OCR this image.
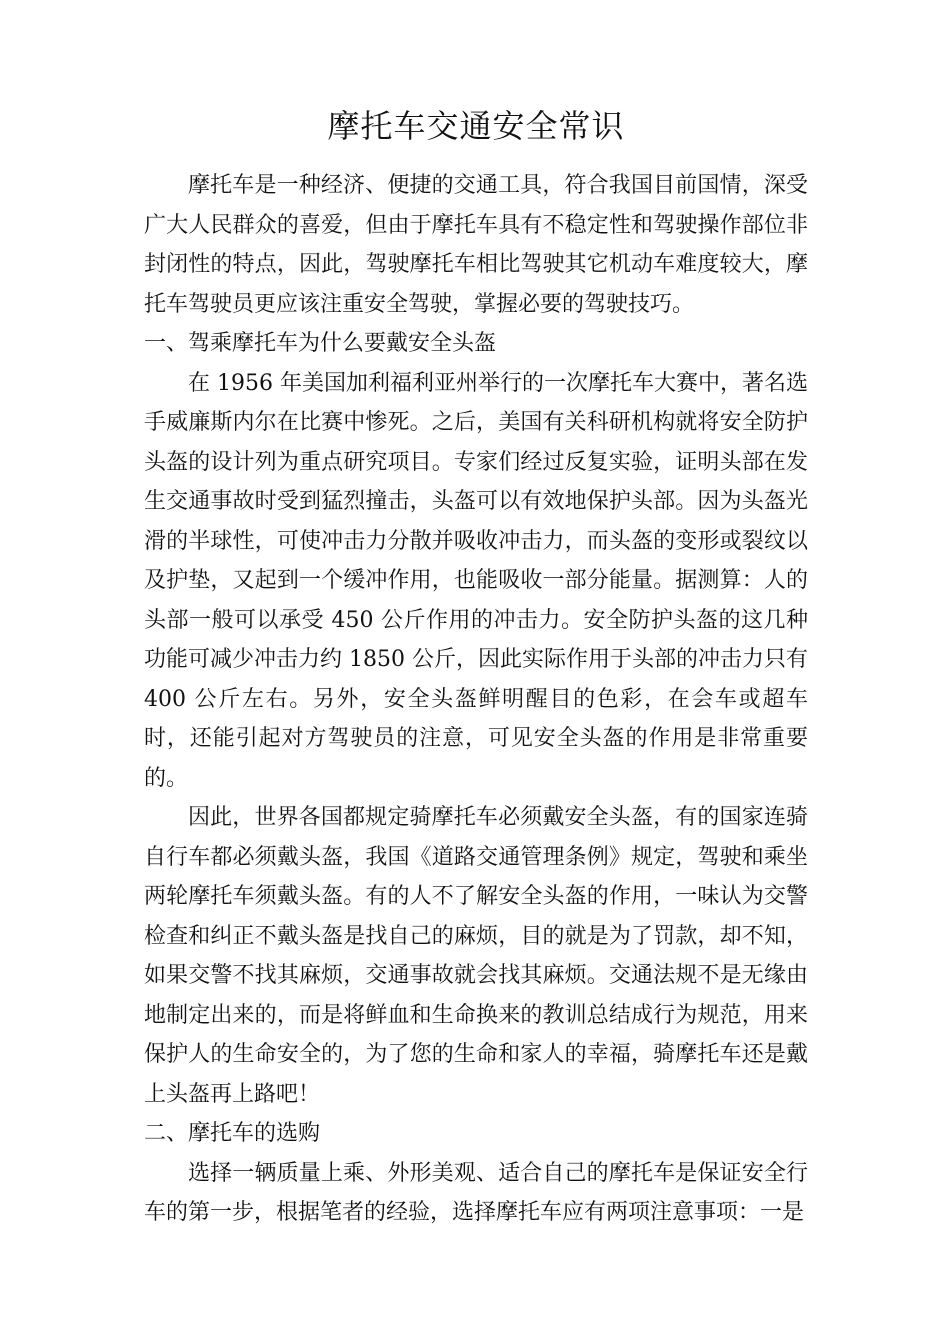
摩托车交通安全常识

摩托车是一种经济、便捷的交通工具，符合我国目前国情，深受广大人民群众的喜爱，但由于摩托车具有不稳定性和驾驶操作部位非封闭性的特点，因此，驾驶摩托车相比驾驶其它机动车难度较大，摩托车驾驶员更应该注重安全驾驶，掌握必要的驾驶技巧。

一、驾乘摩托车为什么要戴安全头盔

在 1956 年美国加利福利亚州举行的一次摩托车大赛中，著名选手威廉斯内尔在比赛中惨死。之后，美国有关科研机构就将安全防护头盔的设计列为重点研究项目。专家们经过反复实验，证明头部在发生交通事故时受到猛烈撞击，头盔可以有效地保护头部。因为头盔光滑的半球性，可使冲击力分散并吸收冲击力，而头盔的变形或裂纹以及护垫，又起到一个缓冲作用，也能吸收一部分能量。据测算：人的头部一般可以承受 450 公斤作用的冲击力。安全防护头盔的这几种功能可减少冲击力约 1850 公斤，因此实际作用于头部的冲击力只有 400 公斤左右。另外，安全头盔鲜明醒目的色彩，在会车或超车时，还能引起对方驾驶员的注意，可见安全头盔的作用是非常重要的。

因此，世界各国都规定骑摩托车必须戴安全头盔，有的国家连骑自行车都必须戴头盔，我国《道路交通管理条例》规定，驾驶和乘坐两轮摩托车须戴头盔。有的人不了解安全头盔的作用，一味认为交警检查和纠正不戴头盔是找自己的麻烦，目的就是为了罚款，却不知，如果交警不找其麻烦，交通事故就会找其麻烦。交通法规不是无缘由地制定出来的，而是将鲜血和生命换来的教训总结成行为规范，用来保护人的生命安全的，为了您的生命和家人的幸福，骑摩托车还是戴上头盔再上路吧！

二、摩托车的选购

选择一辆质量上乘、外形美观、适合自己的摩托车是保证安全行车的第一步，根据笔者的经验，选择摩托车应有两项注意事项：一是
